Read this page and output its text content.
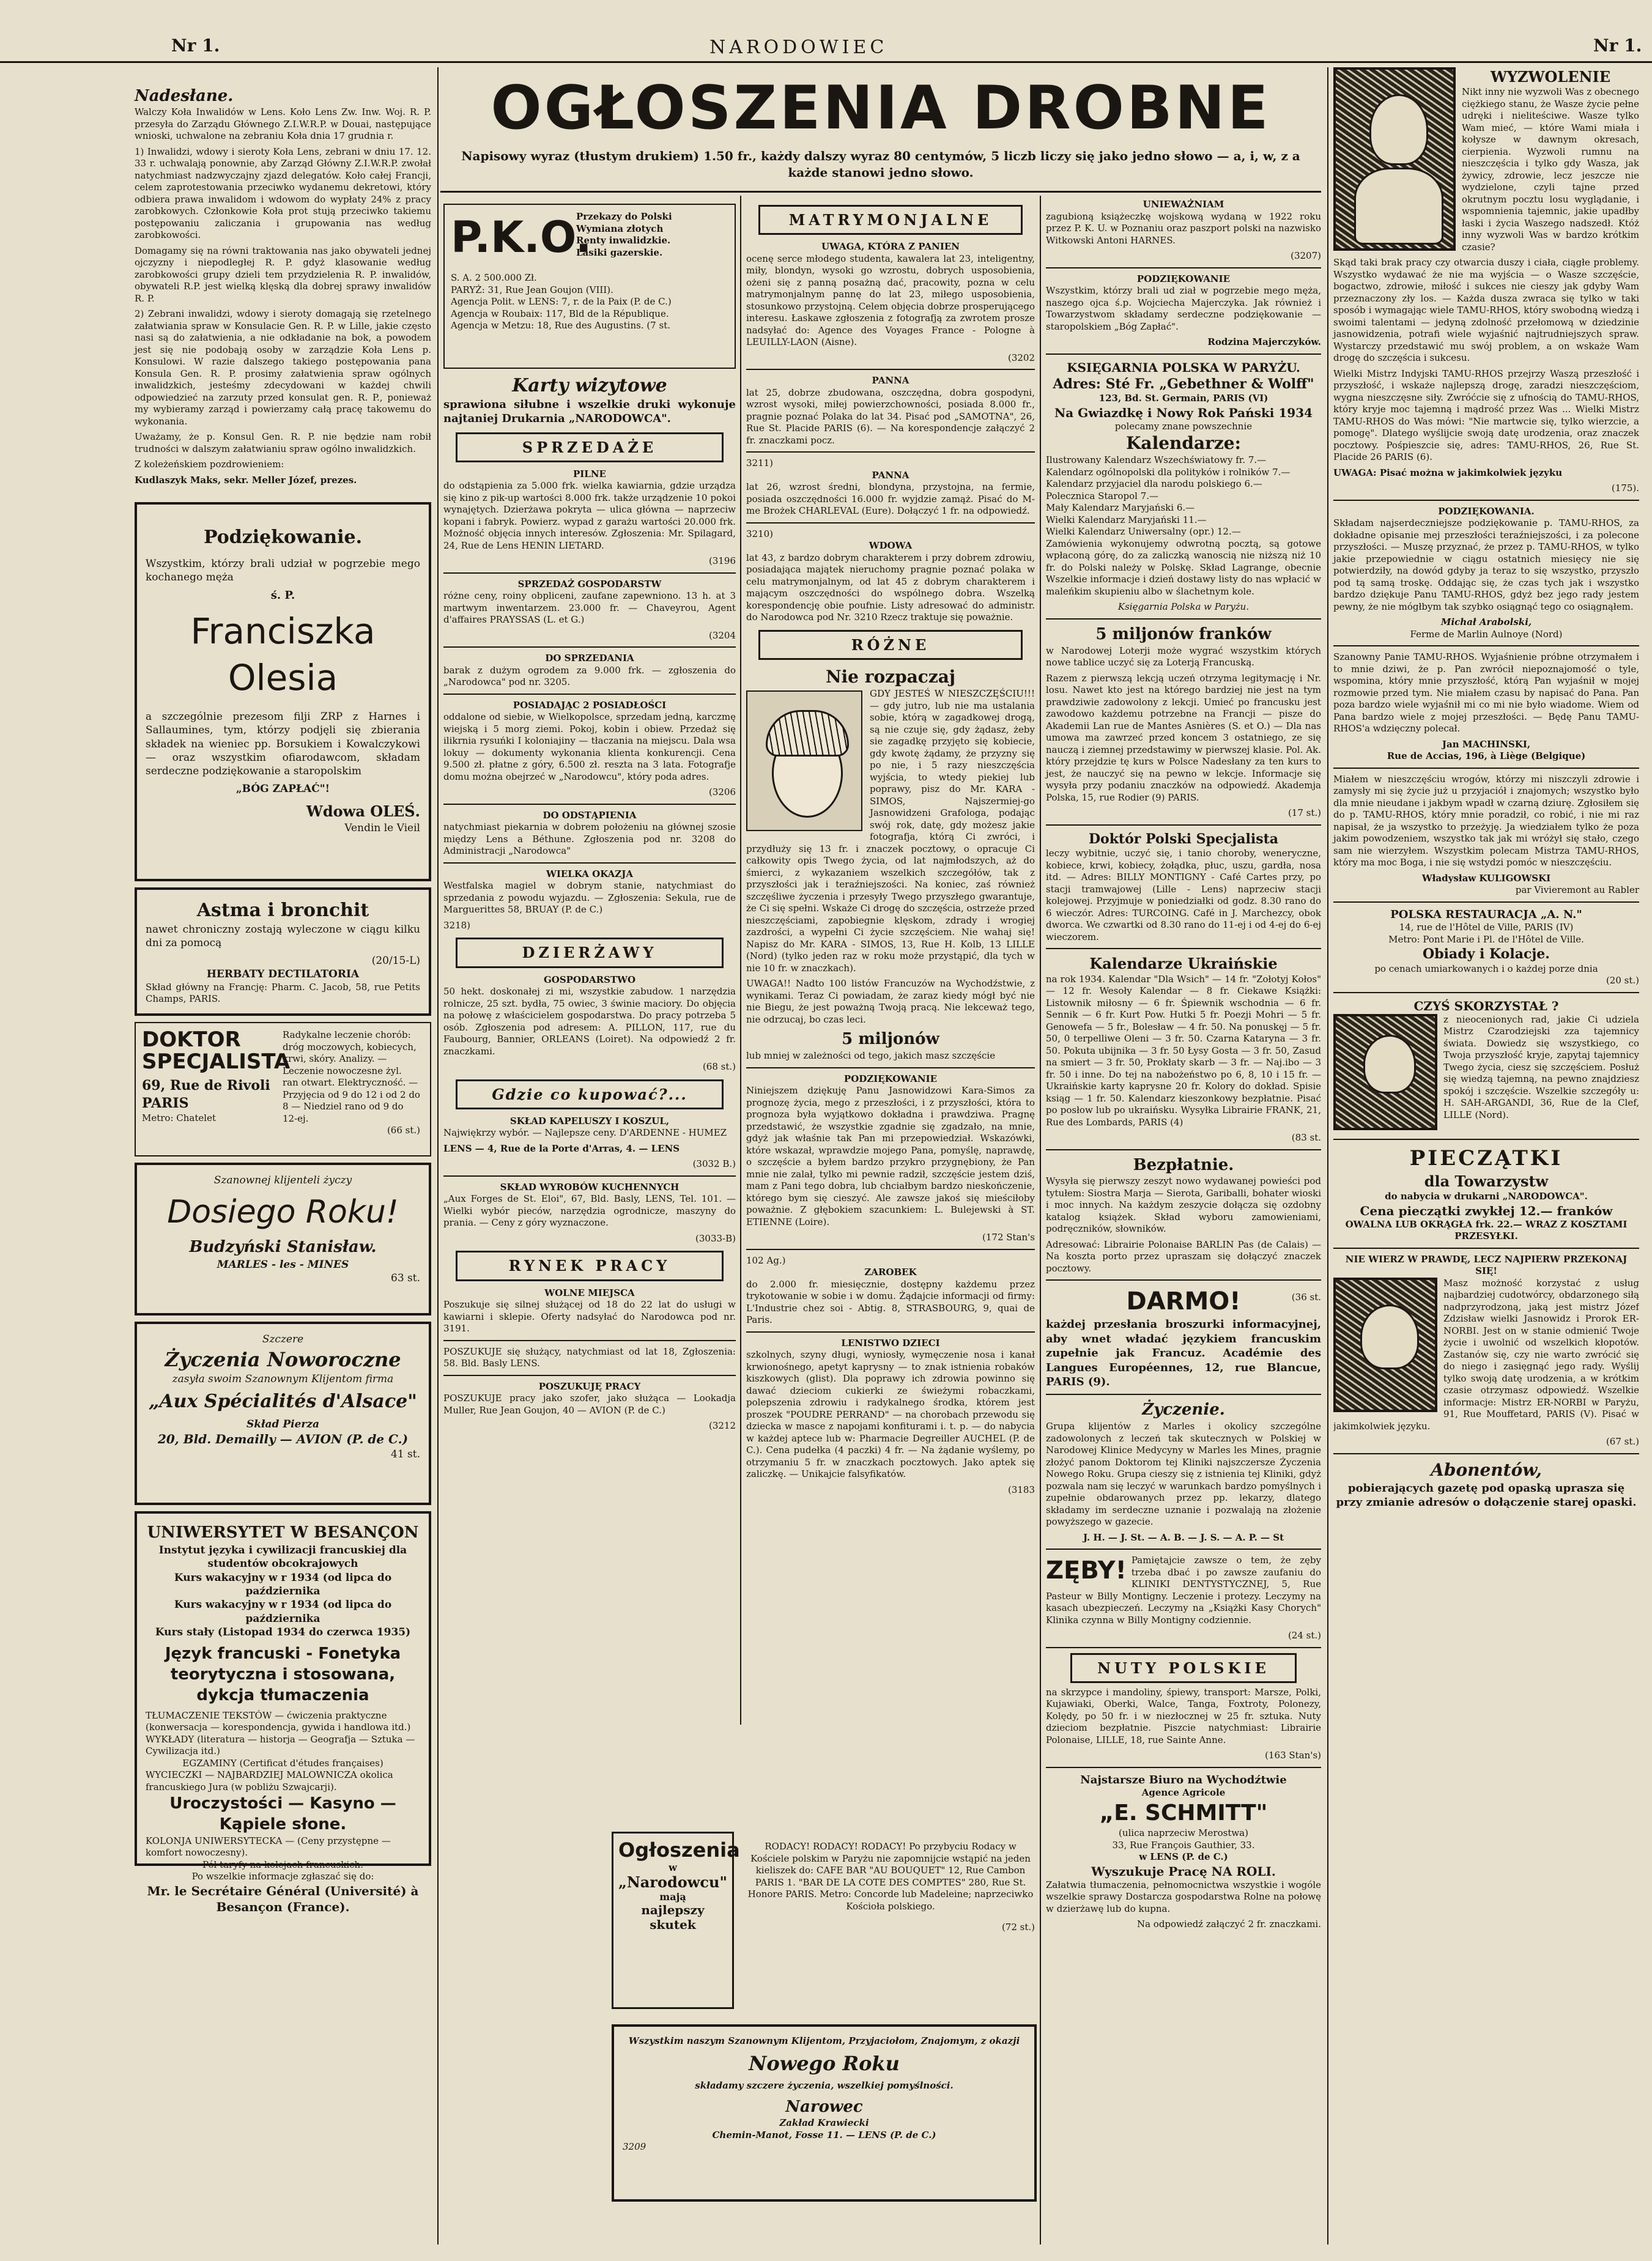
Nr 1.	NARODOWIEC	Nr 1.
OGŁOSZENIA DROBNE
Napisowy wyraz (tłustym drukiem) 1.50 fr., każdy dalszy wyraz 80 centymów, 5 liczb liczy się jako jedno słowo — a, i, w, z a każde stanowi jedno słowo.
Nadesłane.

Walczy Koła Inwalidów w Lens. Koło Lens Zw. Inw. Woj. R. P. przesyła do Zarządu Głównego Z.I.W.R.P. w Douai, następujące wnioski, uchwalone na zebraniu Koła dnia 17 grudnia r.

1) Inwalidzi, wdowy i sieroty Koła Lens, zebrani w dniu 17. 12. 33 r. uchwalają ponownie, aby Zarząd Główny Z.I.W.R.P. zwołał natychmiast nadzwyczajny zjazd delegatów. Koło całej Francji, celem zaprotestowania przeciwko wydanemu dekretowi, który odbiera prawa inwalidom i wdowom do wypłaty 24% z pracy zarobkowych. Członkowie Koła prot stują przeciwko takiemu postępowaniu zaliczania i grupowania nas według zarobkowości.

Domagamy się na równi traktowania nas jako obywateli jednej ojczyzny i niepodległej R. P. gdyż klasowanie według zarobkowości grupy dzieli tem przydzielenia R. P. inwalidów, obywateli R.P. jest wielką klęską dla dobrej sprawy inwalidów R. P.

2) Zebrani inwalidzi, wdowy i sieroty domagają się rzetelnego załatwiania spraw w Konsulacie Gen. R. P. w Lille, jakie często nasi są do załatwienia, a nie odkładanie na bok, a powodem jest się nie podobają osoby w zarządzie Koła Lens p. Konsulowi. W razie dalszego takiego postępowania pana Konsula Gen. R. P. prosimy załatwienia spraw ogólnych inwalidzkich, jesteśmy zdecydowani w każdej chwili odpowiedzieć na zarzuty przed konsulat gen. R. P., ponieważ my wybieramy zarząd i powierzamy całą pracę takowemu do wykonania.

Uważamy, że p. Konsul Gen. R. P. nie będzie nam robił trudności w dalszym załatwianiu spraw ogólno inwalidzkich.

Z koleżeńskiem pozdrowieniem:

Kudlaszyk Maks, sekr. Meller Józef, prezes.

Podziękowanie.

Wszystkim, którzy brali udział w pogrzebie mego kochanego męża

ś. P.
Franciszka Olesia

a szczególnie prezesom filji ZRP z Harnes i Sallaumines, tym, którzy podjęli się zbierania składek na wieniec pp. Borsukiem i Kowalczykowi — oraz wszystkim ofiarodawcom, składam serdeczne podziękowanie a staropolskim

„BÓG ZAPŁAĆ"!
Wdowa OLEŚ.
Vendin le Vieil
Astma i bronchit

nawet chroniczny zostają wyleczone w ciągu kilku dni za pomocą

(20/15-L)
HERBATY DECTILATORIA

Skład główny na Francję: Pharm. C. Jacob, 58, rue Petits Champs, PARIS.

DOKTOR SPECJALISTA
69, Rue de Rivoli PARIS
Metro: Chatelet
Radykalne leczenie chorób: dróg moczowych, kobiecych, krwi, skóry. Analizy. — Leczenie nowoczesne żyl. ran otwart. Elektryczność. — Przyjęcia od 9 do 12 i od 2 do 8 — Niedziel rano od 9 do 12-ej.
(66 st.)
Szanownej klijenteli życzy
Dosiego Roku!
Budzyński Stanisław.
MARLES - les - MINES
63 st.
Szczere
Życzenia Noworoczne
zasyła swoim Szanownym Klijentom firma
„Aux Spécialités d'Alsace"
Skład Pierza
20, Bld. Demailly — AVION (P. de C.)
41 st.
UNIWERSYTET W BESANÇON
Instytut języka i cywilizacji francuskiej dla studentów obcokrajowych
Kurs wakacyjny w r 1934 (od lipca do października
Kurs wakacyjny w r 1934 (od lipca do października
Kurs stały (Listopad 1934 do czerwca 1935)
Język francuski - Fonetyka teorytyczna i stosowana, dykcja tłumaczenia
TŁUMACZENIE TEKSTÓW — ćwiczenia praktyczne (konwersacja — korespondencja, gywida i handlowa itd.)
WYKŁADY (literatura — historja — Geografja — Sztuka — Cywilizacja itd.)
EGZAMINY (Certificat d'études françaises)
WYCIECZKI — NAJBARDZIEJ MALOWNICZA okolica francuskiego Jura (w pobliżu Szwajcarji).
Uroczystości — Kasyno — Kąpiele słone.
KOLONJA UNIWERSYTECKA — (Ceny przystępne — komfort nowoczesny).
Pół taryfy na kolejach francuskich.
Po wszelkie informacje zgłaszać się do:
Mr. le Secrétaire Général (Université) à Besançon (France).
P.K.O.
Przekazy do Polski
Wymiana złotych
Renty inwalidzkie.
Lasiki gazerskie.
S. A. 2 500.000 Zł.
PARYŻ: 31, Rue Jean Goujon (VIII).
Agencja Polit. w LENS: 7, r. de la Paix (P. de C.)
Agencja w Roubaix: 117, Bld de la République.
Agencja w Metzu: 18, Rue des Augustins. (7 st.
Karty wizytowe

sprawiona siłubne i wszelkie druki wykonuje najtaniej Drukarnia „NARODOWCA".

SPRZEDAŻE
PILNE

do odstąpienia za 5.000 frk. wielka kawiarnia, gdzie urządza się kino z pik-up wartości 8.000 frk. także urządzenie 10 pokoi wynajętych. Dzierżawa pokryta — ulica główna — naprzeciw kopani i fabryk. Powierz. wypad z garażu wartości 20.000 frk. Możność objęcia innych interesów. Zgłoszenia: Mr. Spilagard, 24, Rue de Lens HENIN LIETARD.

(3196
SPRZEDAŻ GOSPODARSTW

różne ceny, roiny obpliceni, zaufane zapewniono. 13 h. at 3 martwym inwentarzem. 23.000 fr. — Chaveyrou, Agent d'affaires PRAYSSAS (L. et G.)

(3204
DO SPRZEDANIA

barak z dużym ogrodem za 9.000 frk. — zgłoszenia do „Narodowca" pod nr. 3205.

POSIADAJĄC 2 POSIADŁOŚCI

oddalone od siebie, w Wielkopolsce, sprzedam jedną, karczmę wiejską i 5 morg ziemi. Pokoj, kobin i obiew. Przedaż się ilikrnia rysuńki I koloniajiny — tłaczania na miejscu. Dala wsa lokuy — dokumenty wykonania klienta konkurencji. Cena 9.500 zł. płatne z góry, 6.500 zł. reszta na 3 lata. Fotografje domu można obejrzeć w „Narodowcu", który poda adres.

(3206
DO ODSTĄPIENIA

natychmiast piekarnia w dobrem położeniu na głównej szosie między Lens a Béthune. Zgłoszenia pod nr. 3208 do Administracji „Narodowca"

WIELKA OKAZJA

Westfalska magiel w dobrym stanie, natychmiast do sprzedania z powodu wyjazdu. — Zgłoszenia: Sekula, rue de Marguerittes 58, BRUAY (P. de C.)

3218)
DZIERŻAWY
GOSPODARSTWO

50 hekt. doskonałej zi mi, wszystkie zabudow. 1 narzędzia rolnicze, 25 szt. bydła, 75 owiec, 3 świnie maciory. Do objęcia na połowę z właścicielem gospodarstwa. Do pracy potrzeba 5 osób. Zgłoszenia pod adresem: A. PILLON, 117, rue du Faubourg, Bannier, ORLEANS (Loiret). Na odpowiedź 2 fr. znaczkami.

(68 st.)
Gdzie co kupować?...
SKŁAD KAPELUSZY I KOSZUL,

Najwiękrzy wybór. — Najlepsze ceny. D'ARDENNE - HUMEZ

LENS — 4, Rue de la Porte d'Arras, 4. — LENS

(3032 B.)
SKŁAD WYROBÓW KUCHENNYCH

„Aux Forges de St. Eloi", 67, Bld. Basly, LENS, Tel. 101. — Wielki wybór pieców, narzędzia ogrodnicze, maszyny do prania. — Ceny z góry wyznaczone.

(3033-B)
RYNEK PRACY
WOLNE MIEJSCA

Poszukuje się silnej służącej od 18 do 22 lat do usługi w kawiarni i sklepie. Oferty nadsyłać do Narodowca pod nr. 3191.

POSZUKUJE się służący, natychmiast od lat 18, Zgłoszenia: 58. Bld. Basly LENS.

POSZUKUJĘ PRACY

POSZUKUJE pracy jako szofer, jako służąca — Lookadja Muller, Rue Jean Goujon, 40 — AVION (P. de C.)

(3212
MATRYMONJALNE
UWAGA, KTÓRA Z PANIEN

ocenę serce młodego studenta, kawalera lat 23, inteligentny, miły, blondyn, wysoki go wzrostu, dobrych usposobienia, ożeni się z panną posażną dać, pracowity, pozna w celu matrymonjalnym pannę do lat 23, miłego usposobienia, stosunkowo przystojną. Celem objęcia dobrze prosperującego interesu. Łaskawe zgłoszenia z fotografją za zwrotem prosze nadsyłać do: Agence des Voyages France - Pologne à LEUILLY-LAON (Aisne).

(3202
PANNA

lat 25, dobrze zbudowana, oszczędna, dobra gospodyni, wzrost wysoki, miłej powierzchowności, posiada 8.000 fr., pragnie poznać Polaka do lat 34. Pisać pod „SAMOTNA", 26, Rue St. Placide PARIS (6). — Na korespondencje załączyć 2 fr. znaczkami pocz.

3211)
PANNA

lat 26, wzrost średni, blondyna, przystojna, na fermie, posiada oszczędności 16.000 fr. wyjdzie zamąż. Pisać do M-me Brożek CHARLEVAL (Eure). Dołączyć 1 fr. na odpowiedź.

3210)
WDOWA

lat 43, z bardzo dobrym charakterem i przy dobrem zdrowiu, posiadająca majątek nieruchomy pragnie poznać polaka w celu matrymonjalnym, od lat 45 z dobrym charakterem i mającym oszczędności do wspólnego dobra. Wszelką korespondencję obie poufnie. Listy adresować do administr. do Narodowca pod Nr. 3210 Rzecz traktuje się poważnie.

RÓŻNE
Nie rozpaczaj

GDY JESTEŚ W NIESZCZĘŚCIU!!! — gdy jutro, lub nie ma ustalania sobie, którą w zagadkowej drogą, są nie czuje się, gdy żądasz, żeby sie zagadkę przyjęto się kobiecie, gdy kwotę żądamy, że przyzny się po nie, i 5 razy nieszczęścia wyjścia, to wtedy piekiej lub poprawy, pisz do Mr. KARA - SIMOS, Najszermiej-go Jasnowidzeni Grafologa, podając swój rok, datę, gdy możesz jakie fotografja, którą Ci zwróci, i przydłuży się 13 fr. i znaczek pocztowy, o opracuje Ci całkowity opis Twego życia, od lat najmłodszych, aż do śmierci, z wykazaniem wszelkich szczegółów, tak z przyszłości jak i teraźniejszości. Na koniec, zaś również szczęśliwe życzenia i przesyły Twego przyszłego gwarantuje, że Ci się spełni. Wskaże Ci drogę do szczęścia, ostrzeże przed nieszczęściami, zapobiegnie klęskom, zdrady i wrogiej zazdrości, a wypełni Ci życie szczęściem. Nie wahaj się! Napisz do Mr. KARA - SIMOS, 13, Rue H. Kolb, 13 LILLE (Nord) (tylko jeden raz w roku może przystąpić, dla tych w nie 10 fr. w znaczkach).

UWAGA!! Nadto 100 listów Francuzów na Wychodźstwie, z wynikami. Teraz Ci powiadam, że zaraz kiedy mógł być nie nie Biegu, że jest poważną Twoją pracą. Nie lekceważ tego, nie odrzucaj, bo czas leci.

5 miljonów

lub mniej w zależności od tego, jakich masz szczęście

PODZIĘKOWANIE

Niniejszem dziękuję Panu Jasnowidzowi Kara-Simos za prognozę życia, mego z przeszłości, i z przyszłości, która to prognoza była wyjątkowo dokładna i prawdziwa. Pragnę przedstawić, że wszystkie zgadnie się zgadzało, na mnie, gdyż jak właśnie tak Pan mi przepowiedział. Wskazówki, które wskazał, wprawdzie mojego Pana, pomyślę, naprawdę, o szczęście a byłem bardzo przykro przygnębiony, że Pan mnie nie zalał, tylko mi pewnie radził, szczęście jestem dziś, mam z Pani tego dobra, lub chciałbym bardzo nieskończenie, którego bym się cieszyć. Ale zawsze jakoś się mieściłoby poważnie. Z głębokiem szacunkiem: L. Bulejewski à ST. ETIENNE (Loire).

(172 Stan's
102 Ag.)
ZAROBEK

do 2.000 fr. miesięcznie, dostępny każdemu przez trykotowanie w sobie i w domu. Żądajcie informacji od firmy: L'Industrie chez soi - Abtig. 8, STRASBOURG, 9, quai de Paris.

LENISTWO DZIECI

szkolnych, szyny długi, wyniosły, wymęczenie nosa i kanał krwionośnego, apetyt kaprysny — to znak istnienia robaków kiszkowych (glist). Dla poprawy ich zdrowia powinno się dawać dzieciom cukierki ze świeżymi robaczkami, polepszenia zdrowiu i radykalnego środka, którem jest proszek "POUDRE PERRAND" — na chorobach przewodu się dziecka w masce z napojami konfiturami i. t. p. — do nabycia w każdej aptece lub w: Pharmacie Degreiller AUCHEL (P. de C.). Cena pudełka (4 paczki) 4 fr. — Na żądanie wyślemy, po otrzymaniu 5 fr. w znaczkach pocztowych. Jako aptek się zaliczkę. — Unikajcie falsyfikatów.

(3183
Ogłoszenia
w
„Narodowcu"
mają
najlepszy skutek

RODACY! RODACY! RODACY! Po przybyciu Rodacy w Kościele polskim w Paryżu nie zapomnijcie wstąpić na jeden kieliszek do: CAFE BAR "AU BOUQUET" 12, Rue Cambon PARIS 1. "BAR DE LA COTE DES COMPTES" 280, Rue St. Honore PARIS. Metro: Concorde lub Madeleine; naprzeciwko Kościoła polskiego.

(72 st.)
Wszystkim naszym Szanownym Klijentom, Przyjaciołom, Znajomym, z okazji
Nowego Roku
składamy szczere życzenia, wszelkiej pomyślności.
Narowec
Zakład Krawiecki
Chemin-Manot, Fosse 11. — LENS (P. de C.)
3209
UNIEWAŻNIAM

zagubioną książeczkę wojskową wydaną w 1922 roku przez P. K. U. w Poznaniu oraz paszport polski na nazwisko Witkowski Antoni HARNES.

(3207)
PODZIĘKOWANIE

Wszystkim, którzy brali ud ział w pogrzebie mego męża, naszego ojca ś.p. Wojciecha Majerczyka. Jak również i Towarzystwom składamy serdeczne podziękowanie — staropolskiem „Bóg Zapłać".

Rodzina Majerczyków.
KSIĘGARNIA POLSKA W PARYŻU.
Adres: Sté Fr. „Gebethner & Wolff"
123, Bd. St. Germain, PARIS (VI)
Na Gwiazdkę i Nowy Rok Pański 1934
polecamy znane powszechnie
Kalendarze:
Ilustrowany Kalendarz Wszechświatowy fr. 7.—
Kalendarz ogólnopolski dla polityków i rolników 7.—
Kalendarz przyjaciel dla narodu polskiego 6.—
Polecznica Staropol 7.—
Mały Kalendarz Maryjański 6.—
Wielki Kalendarz Maryjański 11.—
Wielki Kalendarz Uniwersalny (opr.) 12.—

Zamówienia wykonujemy odwrotną pocztą, są gotowe wpłaconą górę, do za zaliczką wanoscią nie niższą niż 10 fr. do Polski należy w Polskę. Skład Lagrange, obecnie Wszelkie informacje i dzień dostawy listy do nas wpłacić w maleńkim skupieniu albo w ślachetnym kole.

Księgarnia Polska w Paryżu.
5 miljonów franków

w Narodowej Loterji może wygrać wszystkim których nowe tablice uczyć się za Loterją Francuską.

Razem z pierwszą lekcją uczeń otrzyma legitymację i Nr. losu. Nawet kto jest na którego bardziej nie jest na tym prawdziwie zadowolony z lekcji. Umieć po francusku jest zawodowo każdemu potrzebne na Francji — pisze do Akademii Lan rue de Mantes Asnières (S. et O.) — Dla nas umowa ma zawrzeć przed koncem 3 ostatniego, ze się nauczą i ziemnej przedstawimy w pierwszej klasie. Pol. Ak. który przejdzie tę kurs w Polsce Nadesłany za ten kurs to jest, że nauczyć się na pewno w lekcje. Informacje się wysyła przy podaniu znaczków na odpowiedź. Akademja Polska, 15, rue Rodier (9) PARIS.

(17 st.)
Doktór Polski Specjalista

leczy wybitnie, uczyć się, i tanio choroby, weneryczne, kobiece, krwi, kobiecy, żołądka, płuc, uszu, gardła, nosa itd. — Adres: BILLY MONTIGNY - Café Cartes przy, po stacji tramwajowej (Lille - Lens) naprzeciw stacji kolejowej. Przyjmuje w poniedziałki od godz. 8.30 rano do 6 wieczór. Adres: TURCOING. Café in J. Marchezcy, obok dworca. We czwartki od 8.30 rano do 11-ej i od 4-ej do 6-ej wieczorem.

Kalendarze Ukraińskie

na rok 1934. Kalendar "Dla Wsich" — 14 fr. "Zołotyj Kołos" — 12 fr. Wesoły Kalendar — 8 fr. Ciekawe Książki: Listownik miłosny — 6 fr. Śpiewnik wschodnia — 6 fr. Sennik — 6 fr. Kurt Pow. Hutki 5 fr. Poezji Mohri — 5 fr. Genowefa — 5 fr., Bolesław — 4 fr. 50. Na ponuskęj — 5 fr. 50, 0 terpelliwe Oleni — 3 fr. 50. Czarna Kataryna — 3 fr. 50. Pokuta ubijnika — 3 fr. 50 Łysy Gosta — 3 fr. 50, Zasud na smiert — 3 fr. 50, Prokłaty skarb — 3 fr. — Naj.ibo — 3 fr. 50 i inne. Do tej na nabożeństwo po 6, 8, 10 i 15 fr. — Ukraińskie karty kaprysne 20 fr. Kolory do dokład. Spisie ksiąg — 1 fr. 50. Kalendarz kieszonkowy bezpłatnie. Pisać po posłow lub po ukraińsku. Wysyłka Librairie FRANK, 21, Rue des Lombards, PARIS (4)

(83 st.
Bezpłatnie.

Wysyła się pierwszy zeszyt nowo wydawanej powieści pod tytułem: Siostra Marja — Sierota, Gariballi, bohater wioski i moc innych. Na każdym zeszycie dołącza się ozdobny katalog książek. Skład wyboru zamowieniami, podręczników, słowników.

Adresować: Librairie Polonaise BARLIN Pas (de Calais) — Na koszta porto przez upraszam się dołączyć znaczek pocztowy.

DARMO!	(36 st.

każdej przesłania broszurki informacyjnej, aby wnet władać językiem francuskim zupełnie jak Francuz. Académie des Langues Européennes, 12, rue Blancue, PARIS (9).

Życzenie.

Grupa klijentów z Marles i okolicy szczególne zadowolonych z leczeń tak skutecznych w Polskiej w Narodowej Klinice Medycyny w Marles les Mines, pragnie złożyć panom Doktorom tej Kliniki najszczersze Życzenia Nowego Roku. Grupa cieszy się z istnienia tej Kliniki, gdyż pozwala nam się leczyć w warunkach bardzo pomyślnych i zupełnie obdarowanych przez pp. lekarzy, dlatego składamy im serdeczne uznanie i pozwalają na złożenie powyższego w gazecie.

J. H. — J. St. — A. B. — J. S. — A. P. — St
ZĘBY! Pamiętajcie zawsze o tem, że zęby trzeba dbać i po zawsze zaufaniu do KLINIKI DENTYSTYCZNEJ, 5, Rue Pasteur w Billy Montigny. Leczenie i protezy. Leczymy na kasach ubezpieczeń. Leczymy na „Książki Kasy Chorych" Klinika czynna w Billy Montigny codziennie.

(24 st.)
NUTY POLSKIE

na skrzypce i mandoliny, śpiewy, transport: Marsze, Polki, Kujawiaki, Oberki, Walce, Tanga, Foxtroty, Polonezy, Kolędy, po 50 fr. i w niezłocznej w 25 fr. sztuka. Nuty dzieciom bezpłatnie. Piszcie natychmiast: Librairie Polonaise, LILLE, 18, rue Sainte Anne.

(163 Stan's)
Najstarsze Biuro na Wychodźtwie
Agence Agricole
„E. SCHMITT"
(ulica naprzeciw Merostwa)
33, Rue François Gauthier, 33.
w LENS (P. de C.)
Wyszukuje Pracę NA ROLI.

Załatwia tłumaczenia, pełnomocnictwa wszystkie i wogóle wszelkie sprawy Dostarcza gospodarstwa Rolne na połowę w dzierżawę lub do kupna.

Na odpowiedź załączyć 2 fr. znaczkami.
WYZWOLENIE

Nikt inny nie wyzwoli Was z obecnego ciężkiego stanu, że Wasze życie pełne udręki i nieliteściwe. Wasze tylko Wam mieć, — które Wami miała i kołysze w dawnym okresach, cierpienia. Wyzwoli rumnu na nieszczęścia i tylko gdy Wasza, jak żywicy, zdrowie, lecz jeszcze nie wydzielone, czyli tajne przed okrutnym pocztu losu wyglądanie, i wspomnienia tajemnic, jakie upadłby łaski i życia Waszego nadszedł. Któż inny wyzwoli Was w bardzo krótkim czasie?

Skąd taki brak pracy czy otwarcia duszy i ciała, ciągłe problemy. Wszystko wydawać że nie ma wyjścia — o Wasze szczęście, bogactwo, zdrowie, miłość i sukces nie cieszy jak gdyby Wam przeznaczony zły los. — Każda dusza zwraca się tylko w taki sposób i wymagając wiele TAMU-RHOS, który swobodną wiedzą i swoimi talentami — jedyną zdolność przełomową w dziedzinie jasnowidzenia, potrafi wiele wyjaśnić najtrudniejszych spraw. Wystarczy przedstawić mu swój problem, a on wskaże Wam drogę do szczęścia i sukcesu.

Wielki Mistrz Indyjski TAMU-RHOS przejrzy Waszą przeszłość i przyszłość, i wskaże najlepszą drogę, zaradzi nieszczęściom, wygna nieszczęsne siły. Zwróćcie się z ufnością do TAMU-RHOS, który kryje moc tajemną i mądrość przez Was ... Wielki Mistrz TAMU-RHOS do Was mówi: "Nie martwcie się, tylko wierzcie, a pomogę". Dlatego wyślijcie swoją datę urodzenia, oraz znaczek pocztowy. Pośpieszcie się, adres: TAMU-RHOS, 26, Rue St. Placide 26 PARIS (6).

UWAGA: Pisać można w jakimkolwiek języku

(175).
PODZIĘKOWANIA.

Składam najserdeczniejsze podziękowanie p. TAMU-RHOS, za dokładne opisanie mej przeszłości teraźniejszości, i za polecone przyszłości. — Muszę przyznać, że przez p. TAMU-RHOS, w tylko jakie przepowiednie w ciągu ostatnich miesięcy nie się potwierdziły, na dowód gdyby ja teraz to się wszystko, przyszło pod tą samą troskę. Oddając się, że czas tych jak i wszystko bardzo dziękuje Panu TAMU-RHOS, gdyż bez jego rady jestem pewny, że nie mógłbym tak szybko osiągnąć tego co osiągnąłem.

Michał Arabolski,
Ferme de Marlin Aulnoye (Nord)

Szanowny Panie TAMU-RHOS. Wyjaśnienie próbne otrzymałem i to mnie dziwi, że p. Pan zwrócił niepoznajomość o tyle, wspomina, który mnie przyszłość, którą Pan wyjaśnił w mojej rozmowie przed tym. Nie miałem czasu by napisać do Pana. Pan poza bardzo wiele wyjaśnił mi co mi nie było wiadome. Wiem od Pana bardzo wiele z mojej przeszłości. — Będę Panu TAMU-RHOS'a wdzięczny polecał.

Jan MACHINSKI,
Rue de Accias, 196, à Liège (Belgique)

Miałem w nieszczęściu wrogów, którzy mi niszczyli zdrowie i zamysły mi się życie już u przyjaciół i znajomych; wszystko było dla mnie nieudane i jakbym wpadł w czarną dziurę. Zgłosiłem się do p. TAMU-RHOS, który mnie poradził, co robić, i nie mi raz napisał, że ja wszystko to przeżyję. Ja wiedziałem tylko że poza jakim powodzeniem, wszystko tak jak mi wróżył się stało, czego sam nie wierzyłem. Wszystkim polecam Mistrza TAMU-RHOS, który ma moc Boga, i nie się wstydzi pomóc w nieszczęściu.

Władysław KULIGOWSKI
par Vivieremont au Rabler
POLSKA RESTAURACJA „A. N."
14, rue de l'Hôtel de Ville, PARIS (IV)
Metro: Pont Marie i Pl. de l'Hôtel de Ville.
Obiady i Kolacje.
po cenach umiarkowanych i o każdej porze dnia
(20 st.)
CZYŚ SKORZYSTAŁ ?

z nieocenionych rad, jakie Ci udziela Mistrz Czarodziejski zza tajemnicy świata. Dowiedz się wszystkiego, co Twoja przyszłość kryje, zapytaj tajemnicy Twego życia, ciesz się szczęściem. Posłuż się wiedzą tajemną, na pewno znajdziesz spokój i szczęście. Wszelkie szczegóły u: H. SAH-ARGANDI, 36, Rue de la Clef, LILLE (Nord).

PIECZĄTKI
dla Towarzystw
do nabycia w drukarni „NARODOWCA".
Cena pieczątki zwykłej 12.— franków
OWALNA LUB OKRĄGŁA frk. 22.— WRAZ Z KOSZTAMI PRZESYŁKI.
NIE WIERZ W PRAWDĘ, LECZ NAJPIERW PRZEKONAJ SIĘ!

Masz możność korzystać z usług najbardziej cudotwórcy, obdarzonego siłą nadprzyrodzoną, jaką jest mistrz Józef Zdzisław wielki Jasnowidz i Prorok ER-NORBI. Jest on w stanie odmienić Twoje życie i uwolnić od wszelkich kłopotów. Zastanów się, czy nie warto zwrócić się do niego i zasięgnąć jego rady. Wyślij tylko swoją datę urodzenia, a w krótkim czasie otrzymasz odpowiedź. Wszelkie informacje: Mistrz ER-NORBI w Paryżu, 91, Rue Mouffetard, PARIS (V). Pisać w jakimkolwiek języku.

(67 st.)
Abonentów,
pobierających gazetę pod opaską uprasza się przy zmianie adresów o dołączenie starej opaski.
